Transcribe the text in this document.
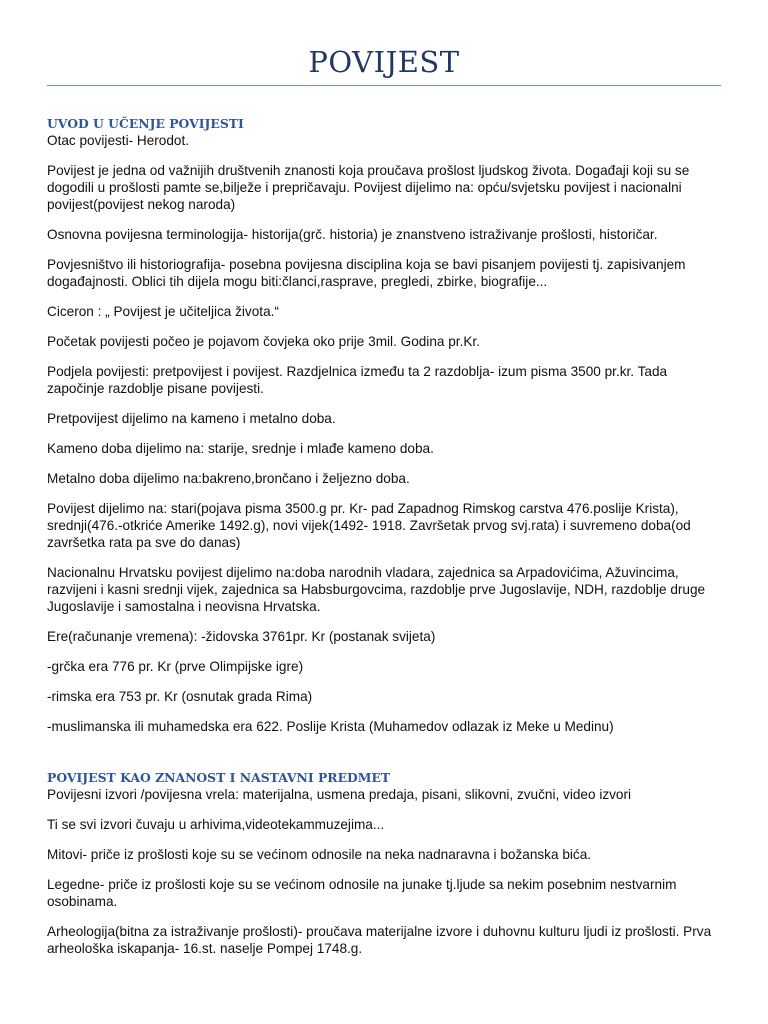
POVIJEST

UVOD U UČENJE POVIJESTI

Otac povijesti- Herodot.

Povijest je jedna od važnijih društvenih znanosti koja proučava prošlost ljudskog života. Događaji koji su se dogodili u prošlosti pamte se,bilježe i prepričavaju. Povijest dijelimo na: opću/svjetsku povijest i nacionalni povijest(povijest nekog naroda)

Osnovna povijesna terminologija- historija(grč. historia) je znanstveno istraživanje prošlosti, historičar.

Povjesništvo ili historiografija- posebna povijesna disciplina koja se bavi pisanjem povijesti tj. zapisivanjem događajnosti. Oblici tih dijela mogu biti:članci,rasprave, pregledi, zbirke, biografije...

Ciceron : „ Povijest je učiteljica života.“

Početak povijesti počeo je pojavom čovjeka oko prije 3mil. Godina pr.Kr.

Podjela povijesti: pretpovijest i povijest. Razdjelnica između ta 2 razdoblja- izum pisma 3500 pr.kr. Tada započinje razdoblje pisane povijesti.

Pretpovijest dijelimo na kameno i metalno doba.

Kameno doba dijelimo na: starije, srednje i mlađe kameno doba.

Metalno doba dijelimo na:bakreno,brončano i željezno doba.

Povijest dijelimo na: stari(pojava pisma 3500.g pr. Kr- pad Zapadnog Rimskog carstva 476.poslije Krista), srednji(476.-otkriće Amerike 1492.g), novi vijek(1492- 1918. Završetak prvog svj.rata) i suvremeno doba(od završetka rata pa sve do danas)

Nacionalnu Hrvatsku povijest dijelimo na:doba narodnih vladara, zajednica sa Arpadovićima, Ažuvincima, razvijeni i kasni srednji vijek, zajednica sa Habsburgovcima, razdoblje prve Jugoslavije, NDH, razdoblje druge Jugoslavije i samostalna i neovisna Hrvatska.

Ere(računanje vremena): -židovska 3761pr. Kr (postanak svijeta)

-grčka era 776 pr. Kr (prve Olimpijske igre)

-rimska era 753 pr. Kr (osnutak grada Rima)

-muslimanska ili muhamedska era 622. Poslije Krista (Muhamedov odlazak iz Meke u Medinu)

POVIJEST KAO ZNANOST I NASTAVNI PREDMET

Povijesni izvori /povijesna vrela: materijalna, usmena predaja, pisani, slikovni, zvučni, video izvori

Ti se svi izvori čuvaju u arhivima,videotekammuzejima...

Mitovi- priče iz prošlosti koje su se većinom odnosile na neka nadnaravna i božanska bića.

Legedne- priče iz prošlosti koje su se većinom odnosile na junake tj.ljude sa nekim posebnim nestvarnim osobinama.

Arheologija(bitna za istraživanje prošlosti)- proučava materijalne izvore i duhovnu kulturu ljudi iz prošlosti. Prva arheološka iskapanja- 16.st. naselje Pompej 1748.g.
